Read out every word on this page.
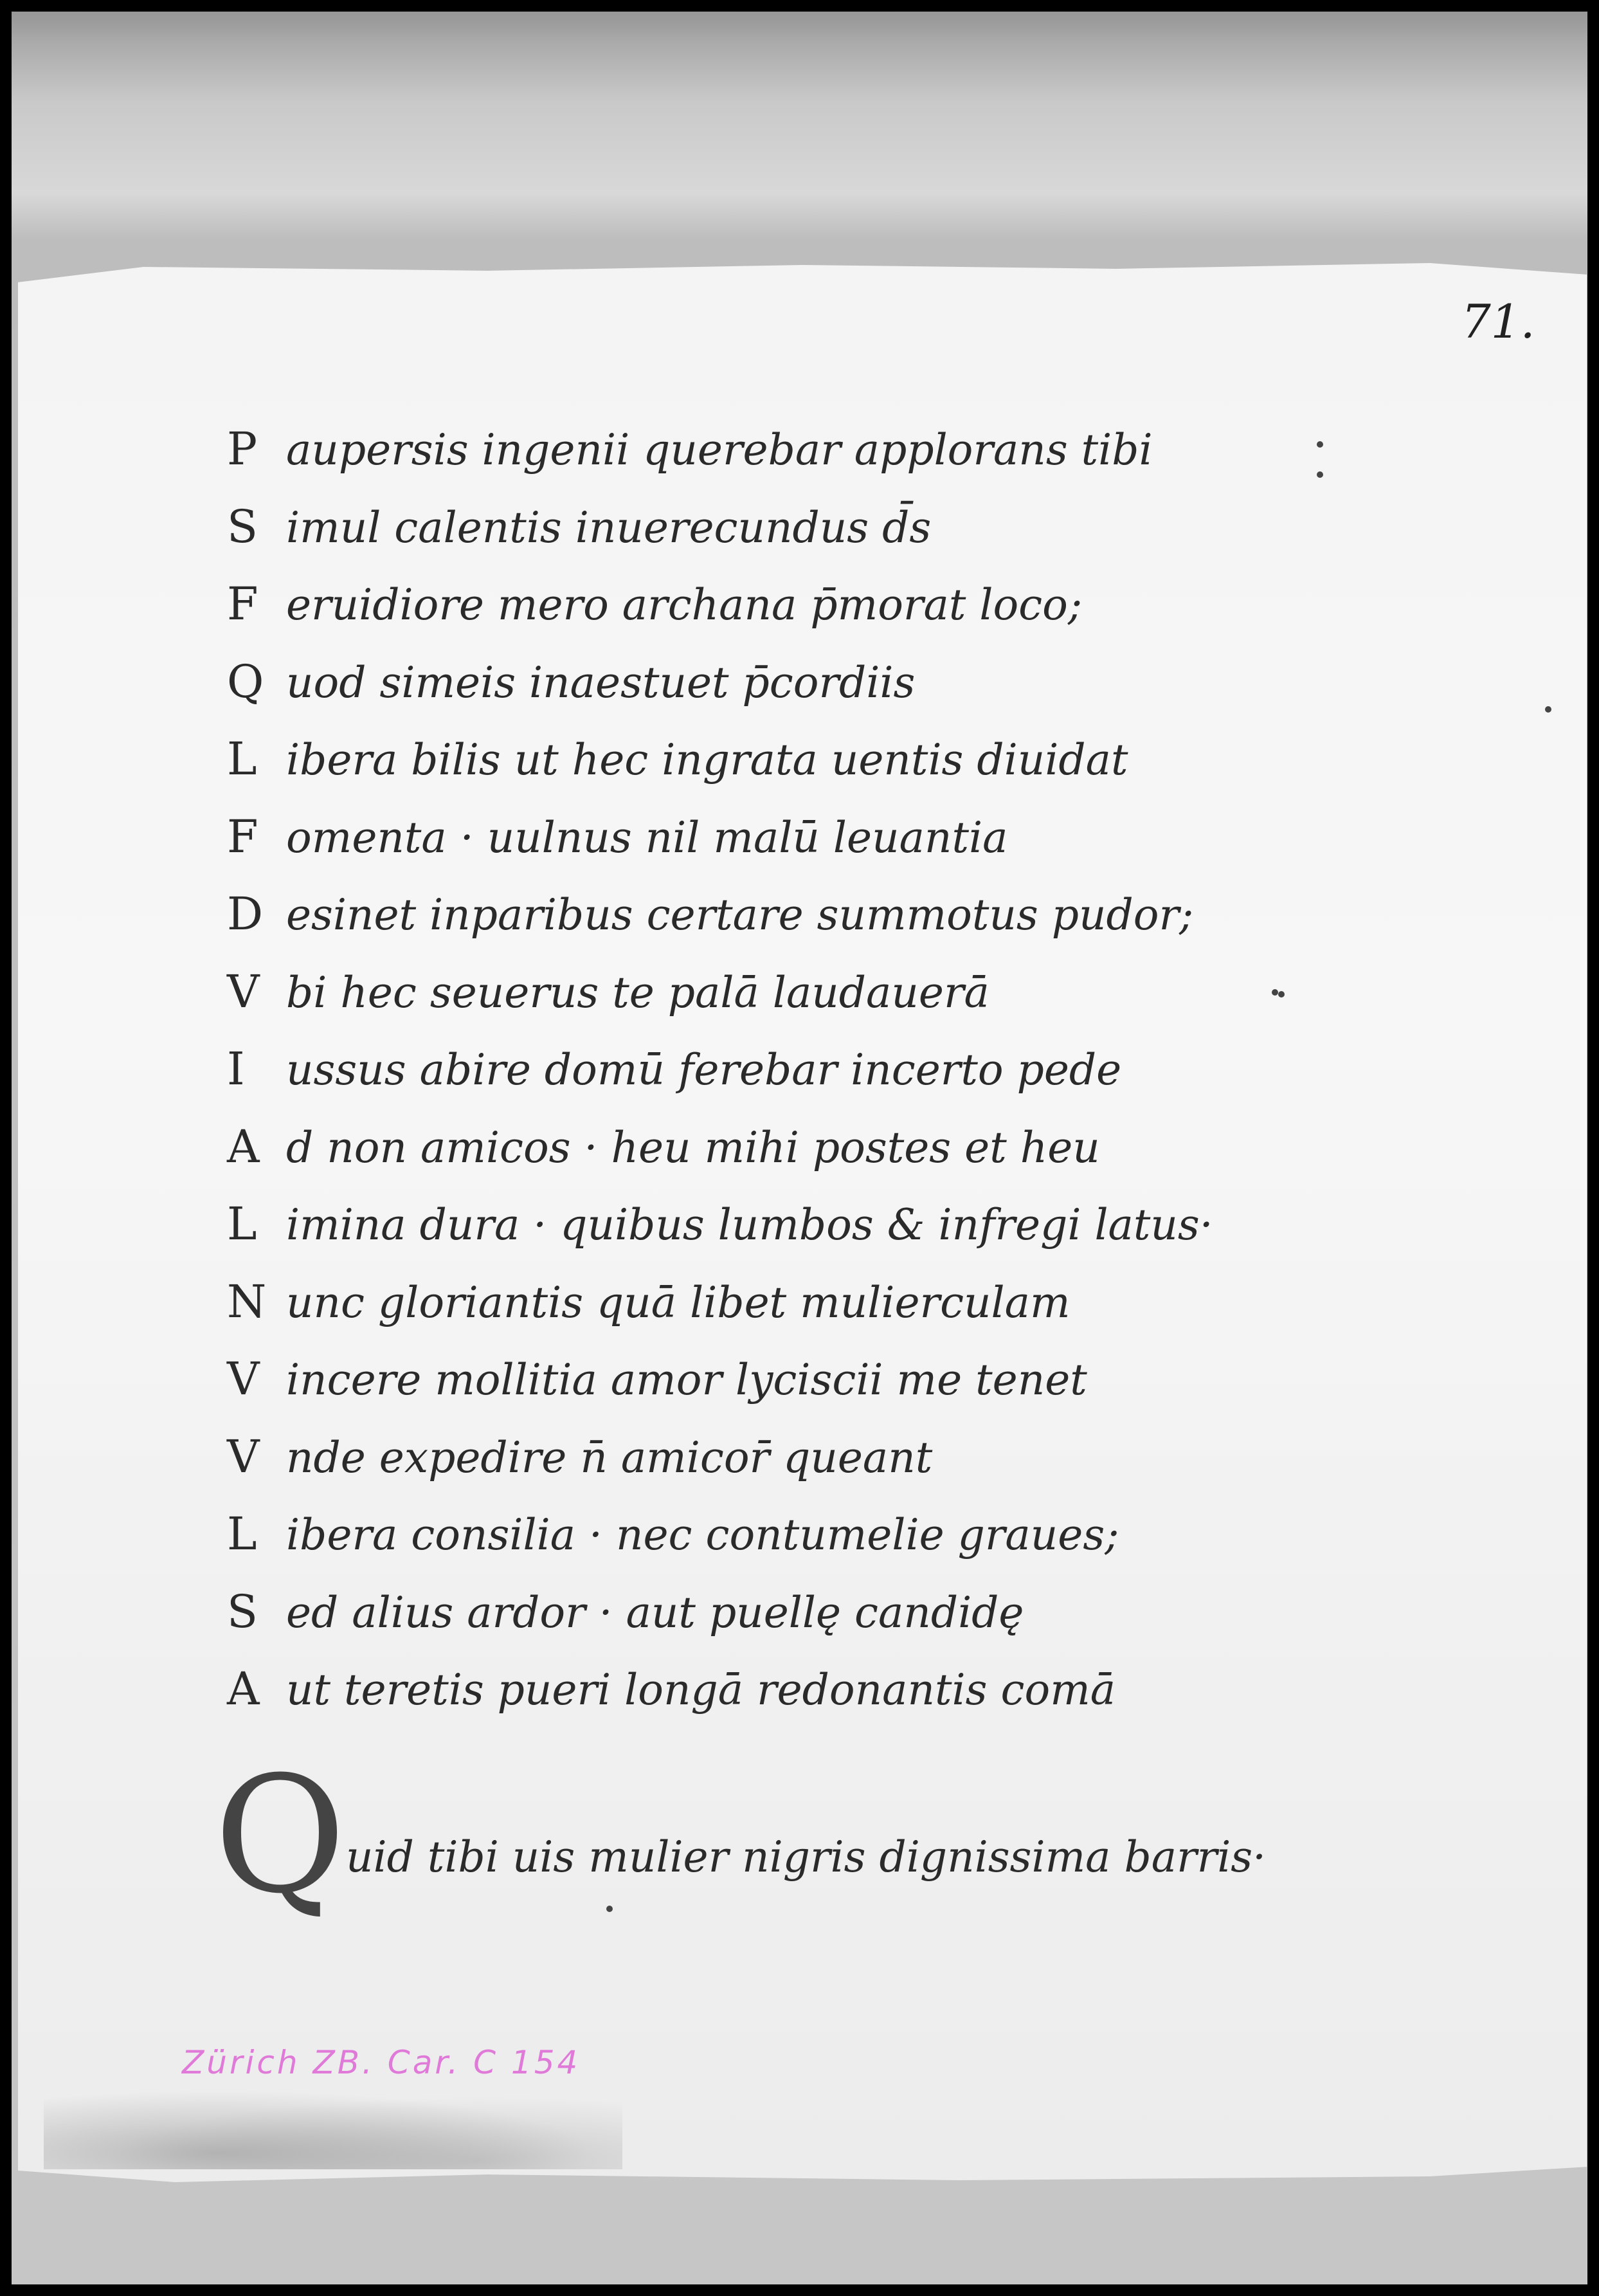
71.
P aupersis ingenii querebar applorans tibi
S imul calentis inuerecundus d̄s
F eruidiore mero archana p̄morat loco;
Q uod simeis inaestuet p̄cordiis
L ibera bilis ut hec ingrata uentis diuidat
F omenta · uulnus nil malū leuantia
D esinet inparibus certare summotus pudor;
V bi hec seuerus te palā laudauerā
I ussus abire domū ferebar incerto pede
A d non amicos · heu mihi postes et heu
L imina dura · quibus lumbos & infregi latus·
N unc gloriantis quā libet mulierculam
V incere mollitia amor lyciscii me tenet
V nde expedire n̄ amicor̄ queant
L ibera consilia · nec contumelie graues;
S ed alius ardor · aut puellę candidę
A ut teretis pueri longā redonantis comā
Quid tibi uis mulier nigris dignissima barris·
Zürich ZB. Car. C 154
